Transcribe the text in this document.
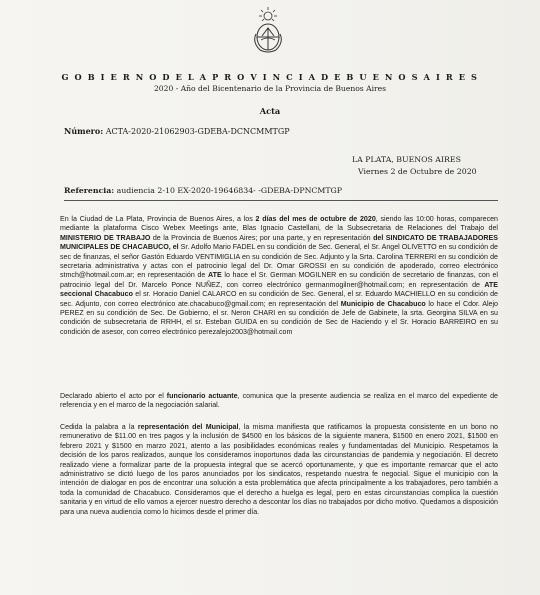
G O B I E R N O D E L A P R O V I N C I A D E B U E N O S A I R E S
2020 - Año del Bicentenario de la Provincia de Buenos Aires
Acta
Número: ACTA-2020-21062903-GDEBA-DCNCMMTGP
LA PLATA, BUENOS AIRES
Viernes 2 de Octubre de 2020
Referencia: audiencia 2-10 EX-2020-19646834- -GDEBA-DPNCMTGP
En la Ciudad de La Plata, Provincia de Buenos Aires, a los 2 días del mes de octubre de 2020, siendo las 10:00 horas, comparecen mediante la plataforma Cisco Webex Meetings ante, Blas Ignacio Castellani, de la Subsecretaria de Relaciones del Trabajo del MINISTERIO DE TRABAJO de la Provincia de Buenos Aires; por una parte, y en representación del SINDICATO DE TRABAJADORES MUNICIPALES DE CHACABUCO, el Sr. Adolfo Mario FADEL en su condición de Sec. General, el Sr. Angel OLIVETTO en su condición de sec de finanzas, el señor Gastón Eduardo VENTIMIGLIA en su condición de Sec. Adjunto y la Srta. Carolina TERRERI en su condición de secretaria administrativa y actas con el patrocinio legal del Dr. Omar GROSSI en su condición de apoderado, correo electrónico stmch@hotmail.com.ar; en representación de ATE lo hace el Sr. German MOGILNER en su condición de secretario de finanzas, con el patrocinio legal del Dr. Marcelo Ponce NUÑEZ, con correo electrónico germanmogilner@hotmail.com; en representación de ATE seccional Chacabuco el sr. Horacio Daniel CALARCO en su condición de Sec. General, el sr. Eduardo MACHIELLO en su condición de sec. Adjunto, con correo electrónico ate.chacabuco@gmail.com; en representación del Municipio de Chacabuco lo hace el Cdor. Alejo PEREZ en su condición de Sec. De Gobierno, el sr. Neron CHARI en su condición de Jefe de Gabinete, la srta. Georgina SILVA en su condición de subsecretaria de RRHH, el sr. Esteban GUIDA en su condición de Sec de Haciendo y el Sr. Horacio BARREIRO en su condición de asesor, con correo electrónico perezalejo2003@hotmail.com
Declarado abierto el acto por el funcionario actuante, comunica que la presente audiencia se realiza en el marco del expediente de referencia y en el marco de la negociación salarial.
Cedida la palabra a la representación del Municipal, la misma manifiesta que ratificamos la propuesta consistente en un bono no remunerativo de $11.00 en tres pagos y la inclusión de $4500 en los básicos de la siguiente manera, $1500 en enero 2021, $1500 en febrero 2021 y $1500 en marzo 2021, atento a las posibilidades económicas reales y fundamentadas del Municipio. Respetamos la decisión de los paros realizados, aunque los consideramos inoportunos dada las circunstancias de pandemia y negociación. El decreto realizado viene a formalizar parte de la propuesta integral que se acercó oportunamente, y que es importante remarcar que el acto administrativo se dictó luego de los paros anunciados por los sindicatos, respetando nuestra fe negocial. Sigue el municipio con la intención de dialogar en pos de encontrar una solución a esta problemática que afecta principalmente a los trabajadores, pero también a toda la comunidad de Chacabuco. Consideramos que el derecho a huelga es legal, pero en estas circunstancias complica la cuestión sanitaria y en virtud de ello vamos a ejercer nuestro derecho a descontar los días no trabajados por dicho motivo. Quedamos a disposición para una nueva audiencia como lo hicimos desde el primer día.
